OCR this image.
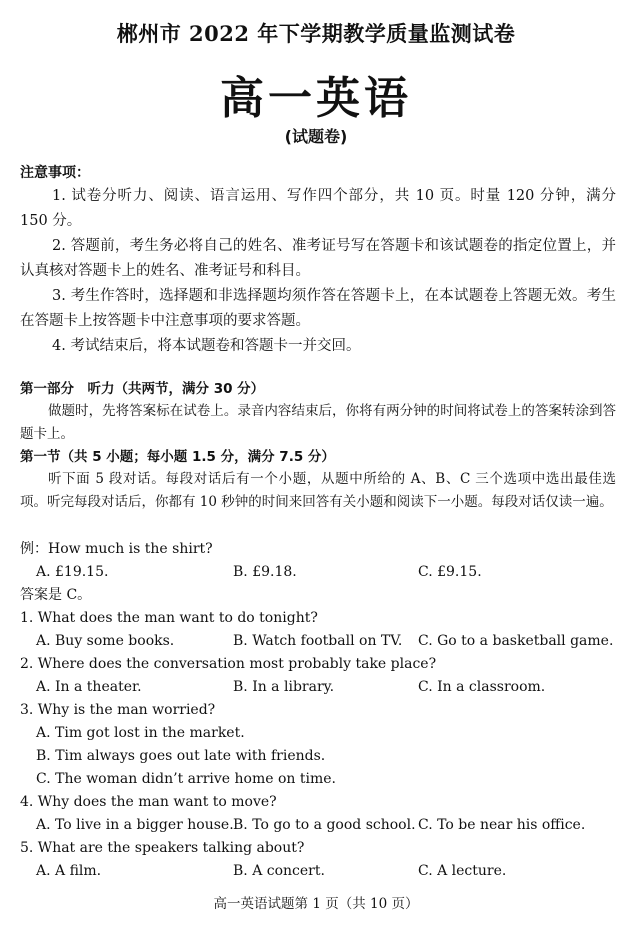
郴州市 2022 年下学期教学质量监测试卷
高一英语
(试题卷)
注意事项：
1. 试卷分听力、阅读、语言运用、写作四个部分，共 10 页。时量 120 分钟，满分 150 分。
2. 答题前，考生务必将自己的姓名、准考证号写在答题卡和该试题卷的指定位置上，并认真核对答题卡上的姓名、准考证号和科目。
3. 考生作答时，选择题和非选择题均须作答在答题卡上，在本试题卷上答题无效。考生在答题卡上按答题卡中注意事项的要求答题。
4. 考试结束后，将本试题卷和答题卡一并交回。
第一部分　听力（共两节，满分 30 分）
做题时，先将答案标在试卷上。录音内容结束后，你将有两分钟的时间将试卷上的答案转涂到答题卡上。
第一节（共 5 小题；每小题 1.5 分，满分 7.5 分）
听下面 5 段对话。每段对话后有一个小题，从题中所给的 A、B、C 三个选项中选出最佳选项。听完每段对话后，你都有 10 秒钟的时间来回答有关小题和阅读下一小题。每段对话仅读一遍。
例：How much is the shirt?
A. £19.15.	B. £9.18.	C. £9.15.
答案是 C。
1. What does the man want to do tonight?
A. Buy some books.	B. Watch football on TV. C. Go to a basketball game.
2. Where does the conversation most probably take place?
A. In a theater.	B. In a library.	C. In a classroom.
3. Why is the man worried?
A. Tim got lost in the market.
B. Tim always goes out late with friends.
C. The woman didn’t arrive home on time.
4. Why does the man want to move?
A. To live in a bigger house. B. To go to a good school. C. To be near his office.
5. What are the speakers talking about?
A. A film.	B. A concert.	C. A lecture.
高一英语试题第 1 页（共 10 页）
